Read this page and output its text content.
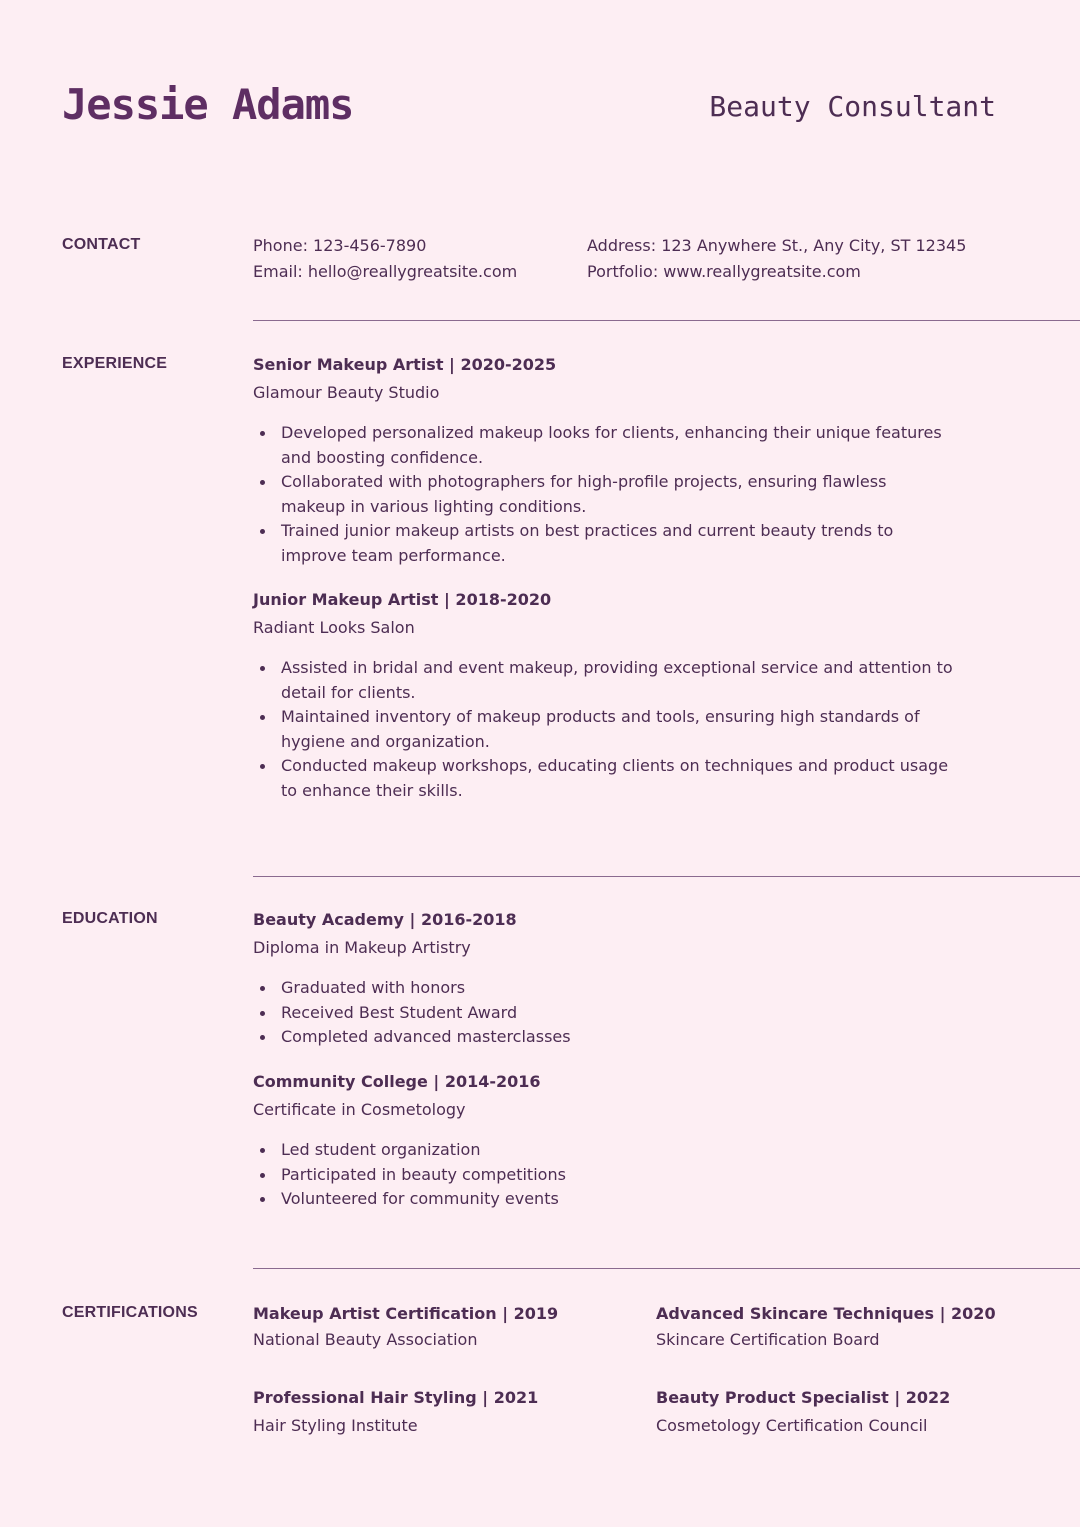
Jessie Adams	Beauty Consultant
CONTACT	Phone: 123-456-7890
Email: hello@reallygreatsite.com
Address: 123 Anywhere St., Any City, ST 12345
Portfolio: www.reallygreatsite.com
EXPERIENCE	Senior Makeup Artist | 2020-2025
Glamour Beauty Studio
Developed personalized makeup looks for clients, enhancing their unique features and boosting confidence.
Collaborated with photographers for high-profile projects, ensuring flawless makeup in various lighting conditions.
Trained junior makeup artists on best practices and current beauty trends to improve team performance.
Junior Makeup Artist | 2018-2020
Radiant Looks Salon
Assisted in bridal and event makeup, providing exceptional service and attention to detail for clients.
Maintained inventory of makeup products and tools, ensuring high standards of hygiene and organization.
Conducted makeup workshops, educating clients on techniques and product usage to enhance their skills.
EDUCATION	Beauty Academy | 2016-2018
Diploma in Makeup Artistry
Graduated with honors
Received Best Student Award
Completed advanced masterclasses
Community College | 2014-2016
Certificate in Cosmetology
Led student organization
Participated in beauty competitions
Volunteered for community events
CERTIFICATIONS	Makeup Artist Certification | 2019
National Beauty Association
Advanced Skincare Techniques | 2020
Skincare Certification Board
Professional Hair Styling | 2021
Hair Styling Institute
Beauty Product Specialist | 2022
Cosmetology Certification Council
